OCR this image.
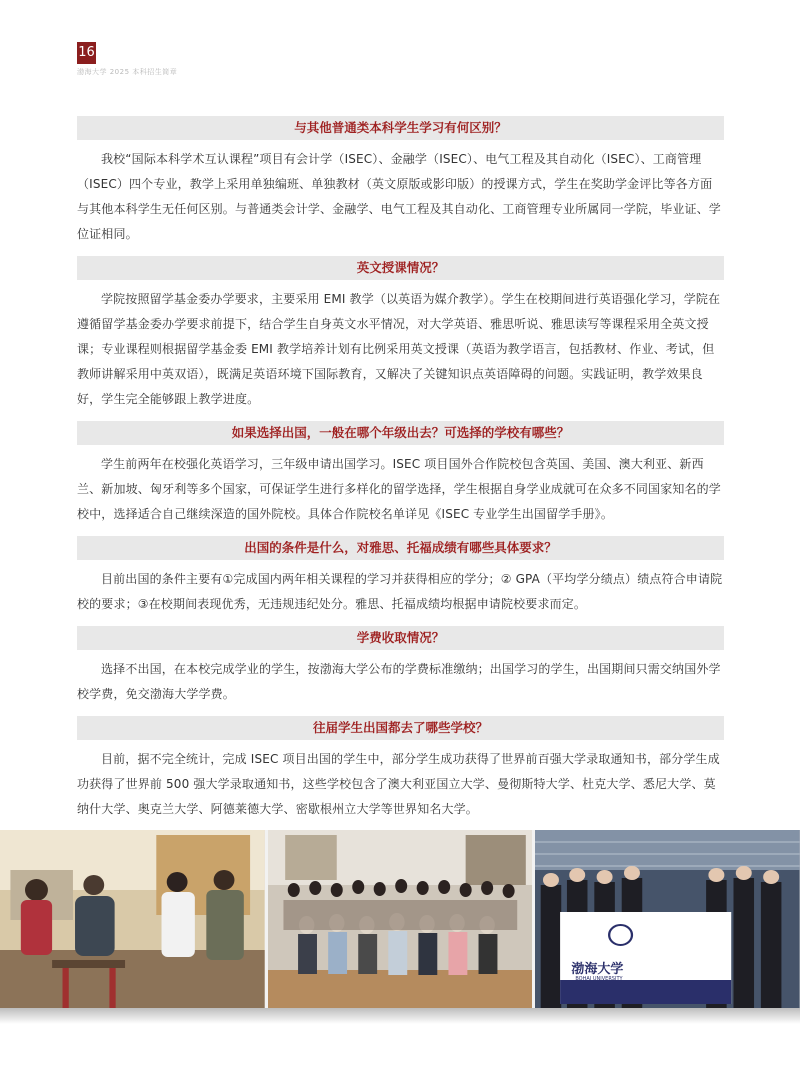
16
渤海大学 2025 本科招生简章
与其他普通类本科学生学习有何区别？

我校“国际本科学术互认课程”项目有会计学（ISEC）、金融学（ISEC）、电气工程及其自动化（ISEC）、工商管理（ISEC）四个专业，教学上采用单独编班、单独教材（英文原版或影印版）的授课方式，学生在奖助学金评比等各方面与其他本科学生无任何区别。与普通类会计学、金融学、电气工程及其自动化、工商管理专业所属同一学院，毕业证、学位证相同。

英文授课情况？

学院按照留学基金委办学要求，主要采用 EMI 教学（以英语为媒介教学）。学生在校期间进行英语强化学习，学院在遵循留学基金委办学要求前提下，结合学生自身英文水平情况，对大学英语、雅思听说、雅思读写等课程采用全英文授课；专业课程则根据留学基金委 EMI 教学培养计划有比例采用英文授课（英语为教学语言，包括教材、作业、考试，但教师讲解采用中英双语），既满足英语环境下国际教育，又解决了关键知识点英语障碍的问题。实践证明，教学效果良好，学生完全能够跟上教学进度。

如果选择出国，一般在哪个年级出去？可选择的学校有哪些？

学生前两年在校强化英语学习，三年级申请出国学习。ISEC 项目国外合作院校包含英国、美国、澳大利亚、新西兰、新加坡、匈牙利等多个国家，可保证学生进行多样化的留学选择，学生根据自身学业成就可在众多不同国家知名的学校中，选择适合自己继续深造的国外院校。具体合作院校名单详见《ISEC 专业学生出国留学手册》。

出国的条件是什么，对雅思、托福成绩有哪些具体要求？

目前出国的条件主要有①完成国内两年相关课程的学习并获得相应的学分；② GPA（平均学分绩点）绩点符合申请院校的要求；③在校期间表现优秀，无违规违纪处分。雅思、托福成绩均根据申请院校要求而定。

学费收取情况？

选择不出国，在本校完成学业的学生，按渤海大学公布的学费标准缴纳；出国学习的学生，出国期间只需交纳国外学校学费，免交渤海大学学费。

往届学生出国都去了哪些学校？

目前，据不完全统计，完成 ISEC 项目出国的学生中，部分学生成功获得了世界前百强大学录取通知书，部分学生成功获得了世界前 500 强大学录取通知书，这些学校包含了澳大利亚国立大学、曼彻斯特大学、杜克大学、悉尼大学、莫纳什大学、奥克兰大学、阿德莱德大学、密歇根州立大学等世界知名大学。

渤海大学
BOHAI UNIVERSITY
